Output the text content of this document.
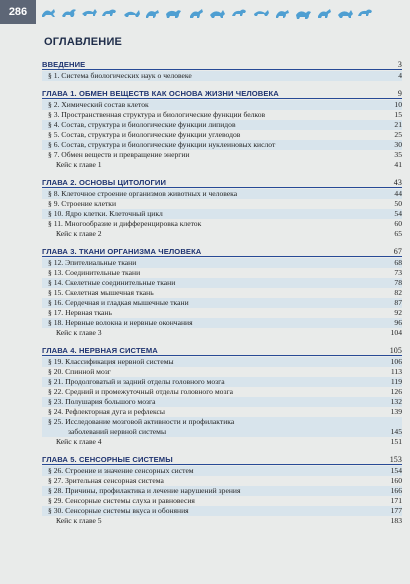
286
ОГЛАВЛЕНИЕ
ВВЕДЕНИЕ	3
§ 1. Система биологических наук о человеке	4
ГЛАВА 1. ОБМЕН ВЕЩЕСТВ КАК ОСНОВА ЖИЗНИ ЧЕЛОВЕКА	9
§ 2. Химический состав клеток	10
§ 3. Пространственная структура и биологические функции белков	15
§ 4. Состав, структура и биологические функции липидов	21
§ 5. Состав, структура и биологические функции углеводов	25
§ 6. Состав, структура и биологические функции нуклеиновых кислот	30
§ 7. Обмен веществ и превращение энергии	35
Кейс к главе 1	41
ГЛАВА 2. ОСНОВЫ ЦИТОЛОГИИ	43
§ 8. Клеточное строение организмов животных и человека	44
§ 9. Строение клетки	50
§ 10. Ядро клетки. Клеточный цикл	54
§ 11. Многообразие и дифференцировка клеток	60
Кейс к главе 2	65
ГЛАВА 3. ТКАНИ ОРГАНИЗМА ЧЕЛОВЕКА	67
§ 12. Эпителиальные ткани	68
§ 13. Соединительные ткани	73
§ 14. Скелетные соединительные ткани	78
§ 15. Скелетная мышечная ткань	82
§ 16. Сердечная и гладкая мышечные ткани	87
§ 17. Нервная ткань	92
§ 18. Нервные волокна и нервные окончания	96
Кейс к главе 3	104
ГЛАВА 4. НЕРВНАЯ СИСТЕМА	105
§ 19. Классификация нервной системы	106
§ 20. Спинной мозг	113
§ 21. Продолговатый и задний отделы головного мозга	119
§ 22. Средний и промежуточный отделы головного мозга	126
§ 23. Полушария большого мозга	132
§ 24. Рефлекторная дуга и рефлексы	139
§ 25. Исследование мозговой активности и профилактика
заболеваний нервной системы	145
Кейс к главе 4	151
ГЛАВА 5. СЕНСОРНЫЕ СИСТЕМЫ	153
§ 26. Строение и значение сенсорных систем	154
§ 27. Зрительная сенсорная система	160
§ 28. Причины, профилактика и лечение нарушений зрения	166
§ 29. Сенсорные системы слуха и равновесия	171
§ 30. Сенсорные системы вкуса и обоняния	177
Кейс к главе 5	183
